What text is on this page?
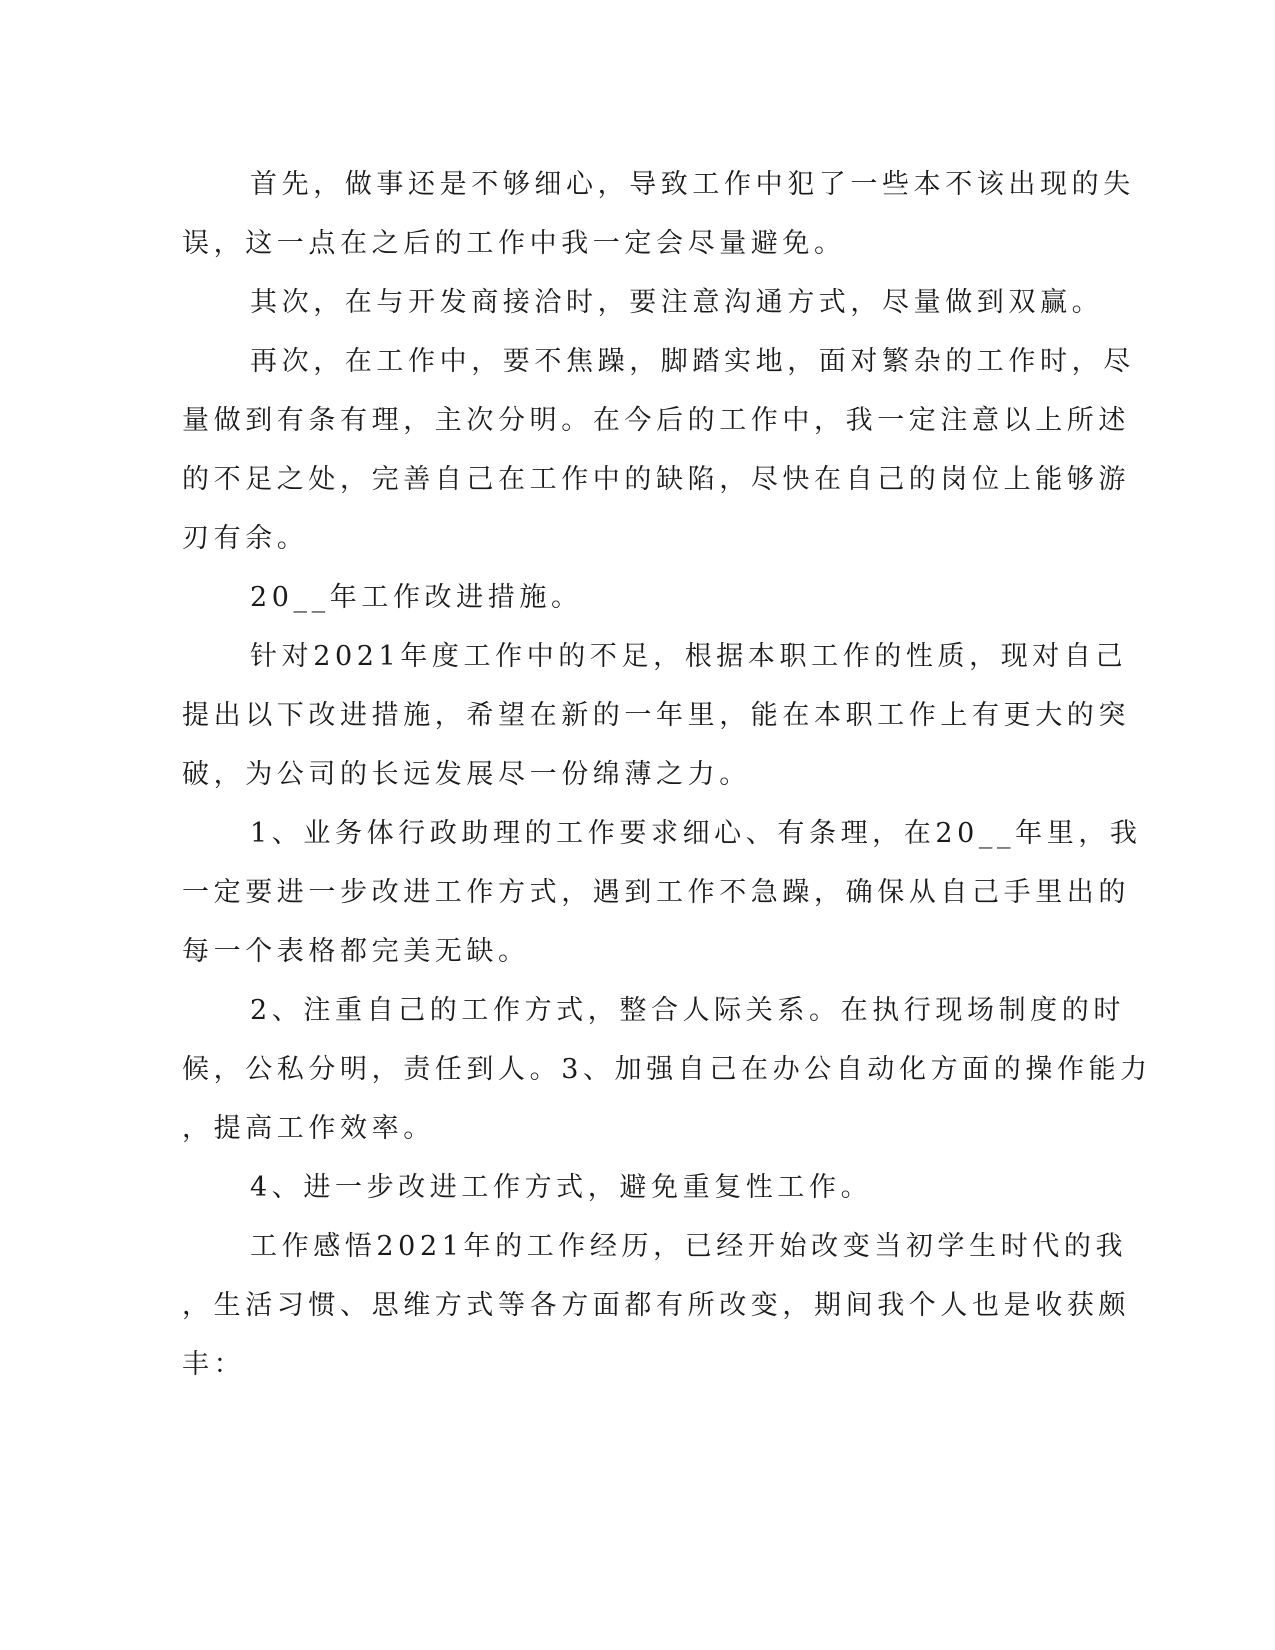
首先，做事还是不够细心，导致工作中犯了一些本不该出现的失
误，这一点在之后的工作中我一定会尽量避免。

其次，在与开发商接洽时，要注意沟通方式，尽量做到双赢。

再次，在工作中，要不焦躁，脚踏实地，面对繁杂的工作时，尽
量做到有条有理，主次分明。在今后的工作中，我一定注意以上所述
的不足之处，完善自己在工作中的缺陷，尽快在自己的岗位上能够游
刃有余。

20__年工作改进措施。

针对2021年度工作中的不足，根据本职工作的性质，现对自己
提出以下改进措施，希望在新的一年里，能在本职工作上有更大的突
破，为公司的长远发展尽一份绵薄之力。

1、业务体行政助理的工作要求细心、有条理，在20__年里，我
一定要进一步改进工作方式，遇到工作不急躁，确保从自己手里出的
每一个表格都完美无缺。

2、注重自己的工作方式，整合人际关系。在执行现场制度的时
候，公私分明，责任到人。3、加强自己在办公自动化方面的操作能力
，提高工作效率。

4、进一步改进工作方式，避免重复性工作。

工作感悟2021年的工作经历，已经开始改变当初学生时代的我
，生活习惯、思维方式等各方面都有所改变，期间我个人也是收获颇
丰：
